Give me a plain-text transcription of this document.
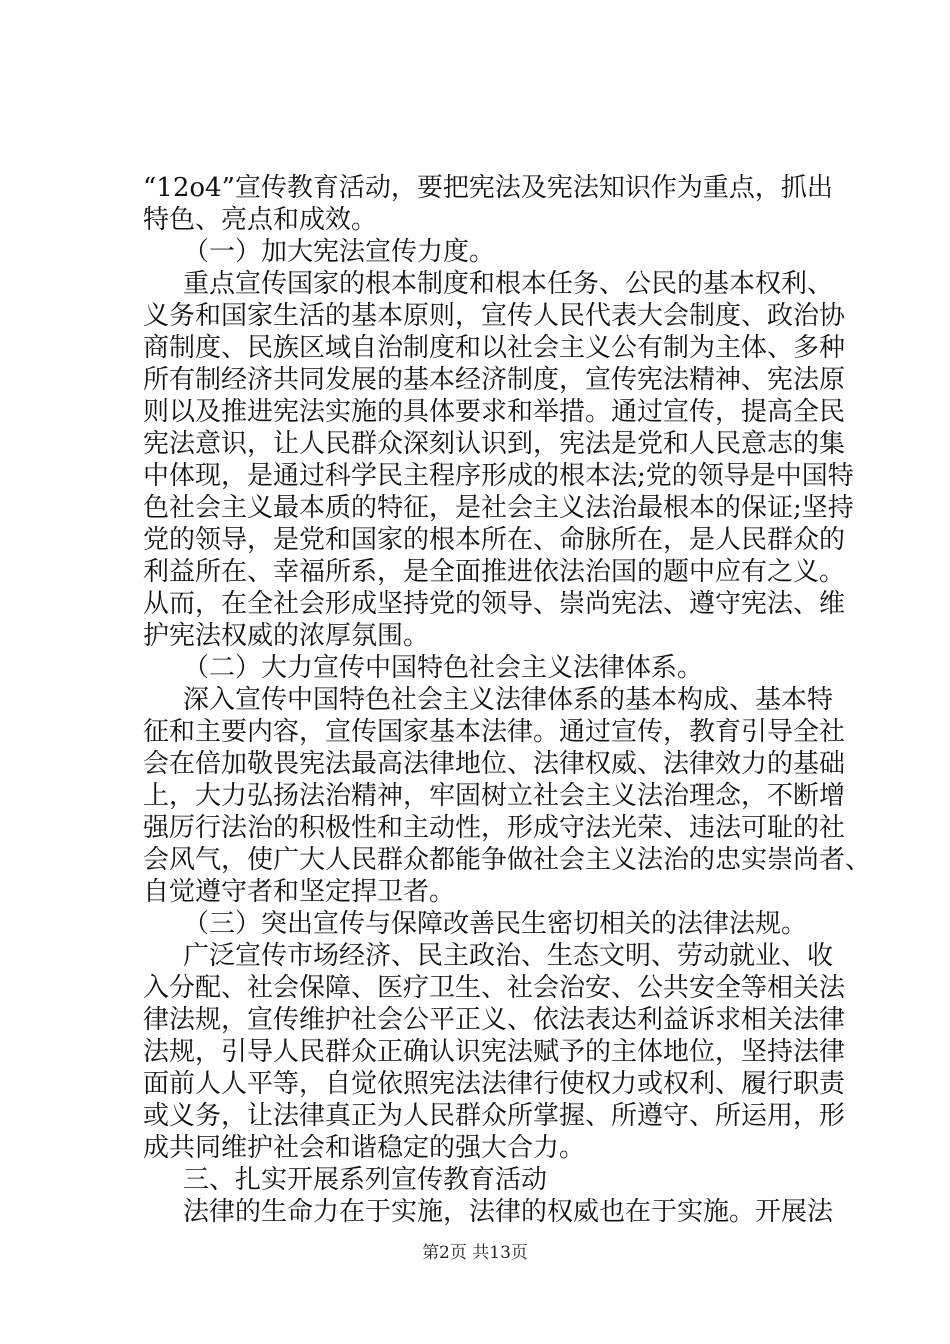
“12o4”宣传教育活动，要把宪法及宪法知识作为重点，抓出
特色、亮点和成效。
（一）加大宪法宣传力度。
重点宣传国家的根本制度和根本任务、公民的基本权利、
义务和国家生活的基本原则，宣传人民代表大会制度、政治协
商制度、民族区域自治制度和以社会主义公有制为主体、多种
所有制经济共同发展的基本经济制度，宣传宪法精神、宪法原
则以及推进宪法实施的具体要求和举措。通过宣传，提高全民
宪法意识，让人民群众深刻认识到，宪法是党和人民意志的集
中体现，是通过科学民主程序形成的根本法;党的领导是中国特
色社会主义最本质的特征，是社会主义法治最根本的保证;坚持
党的领导，是党和国家的根本所在、命脉所在，是人民群众的
利益所在、幸福所系，是全面推进依法治国的题中应有之义。
从而，在全社会形成坚持党的领导、崇尚宪法、遵守宪法、维
护宪法权威的浓厚氛围。
（二）大力宣传中国特色社会主义法律体系。
深入宣传中国特色社会主义法律体系的基本构成、基本特
征和主要内容，宣传国家基本法律。通过宣传，教育引导全社
会在倍加敬畏宪法最高法律地位、法律权威、法律效力的基础
上，大力弘扬法治精神，牢固树立社会主义法治理念，不断增
强厉行法治的积极性和主动性，形成守法光荣、违法可耻的社
会风气，使广大人民群众都能争做社会主义法治的忠实崇尚者、
自觉遵守者和坚定捍卫者。
（三）突出宣传与保障改善民生密切相关的法律法规。
广泛宣传市场经济、民主政治、生态文明、劳动就业、收
入分配、社会保障、医疗卫生、社会治安、公共安全等相关法
律法规，宣传维护社会公平正义、依法表达利益诉求相关法律
法规，引导人民群众正确认识宪法赋予的主体地位，坚持法律
面前人人平等，自觉依照宪法法律行使权力或权利、履行职责
或义务，让法律真正为人民群众所掌握、所遵守、所运用，形
成共同维护社会和谐稳定的强大合力。
三、扎实开展系列宣传教育活动
法律的生命力在于实施，法律的权威也在于实施。开展法
第2页 共13页
